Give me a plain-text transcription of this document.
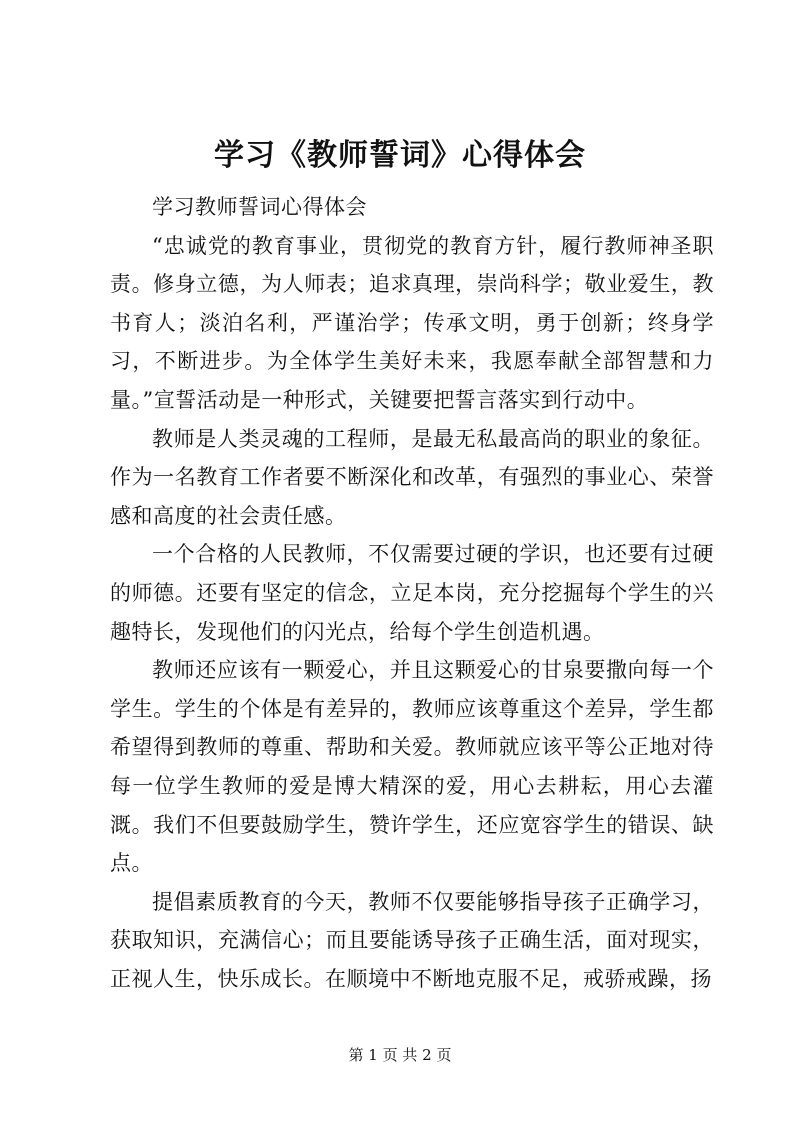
学习《教师誓词》心得体会

学习教师誓词心得体会

“忠诚党的教育事业，贯彻党的教育方针，履行教师神圣职责。修身立德，为人师表；追求真理，崇尚科学；敬业爱生，教书育人；淡泊名利，严谨治学；传承文明，勇于创新；终身学习，不断进步。为全体学生美好未来，我愿奉献全部智慧和力量。”宣誓活动是一种形式，关键要把誓言落实到行动中。

教师是人类灵魂的工程师，是最无私最高尚的职业的象征。作为一名教育工作者要不断深化和改革，有强烈的事业心、荣誉感和高度的社会责任感。

一个合格的人民教师，不仅需要过硬的学识，也还要有过硬的师德。还要有坚定的信念，立足本岗，充分挖掘每个学生的兴趣特长，发现他们的闪光点，给每个学生创造机遇。

教师还应该有一颗爱心，并且这颗爱心的甘泉要撒向每一个学生。学生的个体是有差异的，教师应该尊重这个差异，学生都希望得到教师的尊重、帮助和关爱。教师就应该平等公正地对待每一位学生教师的爱是博大精深的爱，用心去耕耘，用心去灌溉。我们不但要鼓励学生，赞许学生，还应宽容学生的错误、缺点。

提倡素质教育的今天，教师不仅要能够指导孩子正确学习，获取知识，充满信心；而且要能诱导孩子正确生活，面对现实，正视人生，快乐成长。在顺境中不断地克服不足，戒骄戒躁，扬

第 1 页 共 2 页
